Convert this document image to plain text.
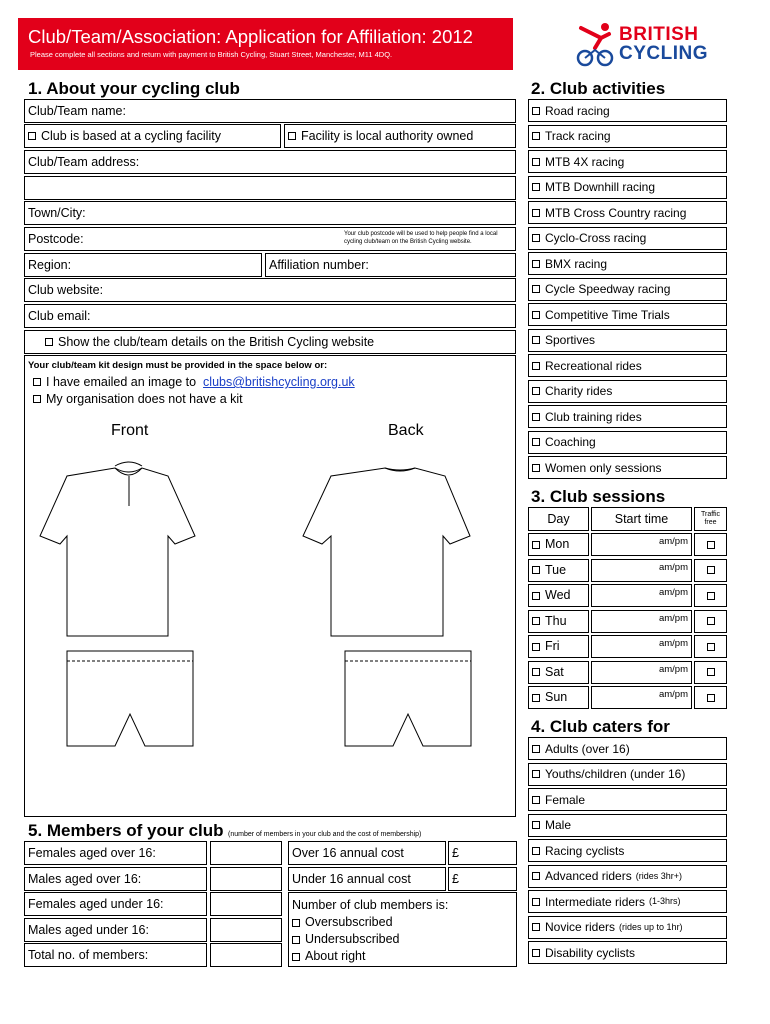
Club/Team/Association: Application for Affiliation: 2012
Please complete all sections and return with payment to British Cycling, Stuart Street, Manchester, M11 4DQ.
BRITISH
CYCLING
1. About your cycling club
Club/Team name:
Club is based at a cycling facility	Facility is local authority owned
Club/Team address:
Town/City:
Postcode:	Your club postcode will be used to help people find a local cycling club/team on the British Cycling website.
Region:	Affiliation number:
Club website:
Club email:
Show the club/team details on the British Cycling website
Your club/team kit design must be provided in the space below or:
I have emailed an image to
clubs@britishcycling.org.uk
My organisation does not have a kit
Front	Back
5. Members of your club (number of members in your club and the cost of membership)
Females aged over 16:
Males aged over 16:
Females aged under 16:
Males aged under 16:
Total no. of members:
Over 16 annual cost	£
Under 16 annual cost	£
Number of club members is:
Oversubscribed
Undersubscribed
About right
2. Club activities
Road racing
Track racing
MTB 4X racing
MTB Downhill racing
MTB Cross Country racing
Cyclo-Cross racing
BMX racing
Cycle Speedway racing
Competitive Time Trials
Sportives
Recreational rides
Charity rides
Club training rides
Coaching
Women only sessions
3. Club sessions
Day	Start time	Traffic free
Mon	am/pm
Tue	am/pm
Wed	am/pm
Thu	am/pm
Fri	am/pm
Sat	am/pm
Sun	am/pm
4. Club caters for
Adults (over 16)
Youths/children (under 16)
Female
Male
Racing cyclists
Advanced riders (rides 3hr+)
Intermediate riders (1-3hrs)
Novice riders (rides up to 1hr)
Disability cyclists
